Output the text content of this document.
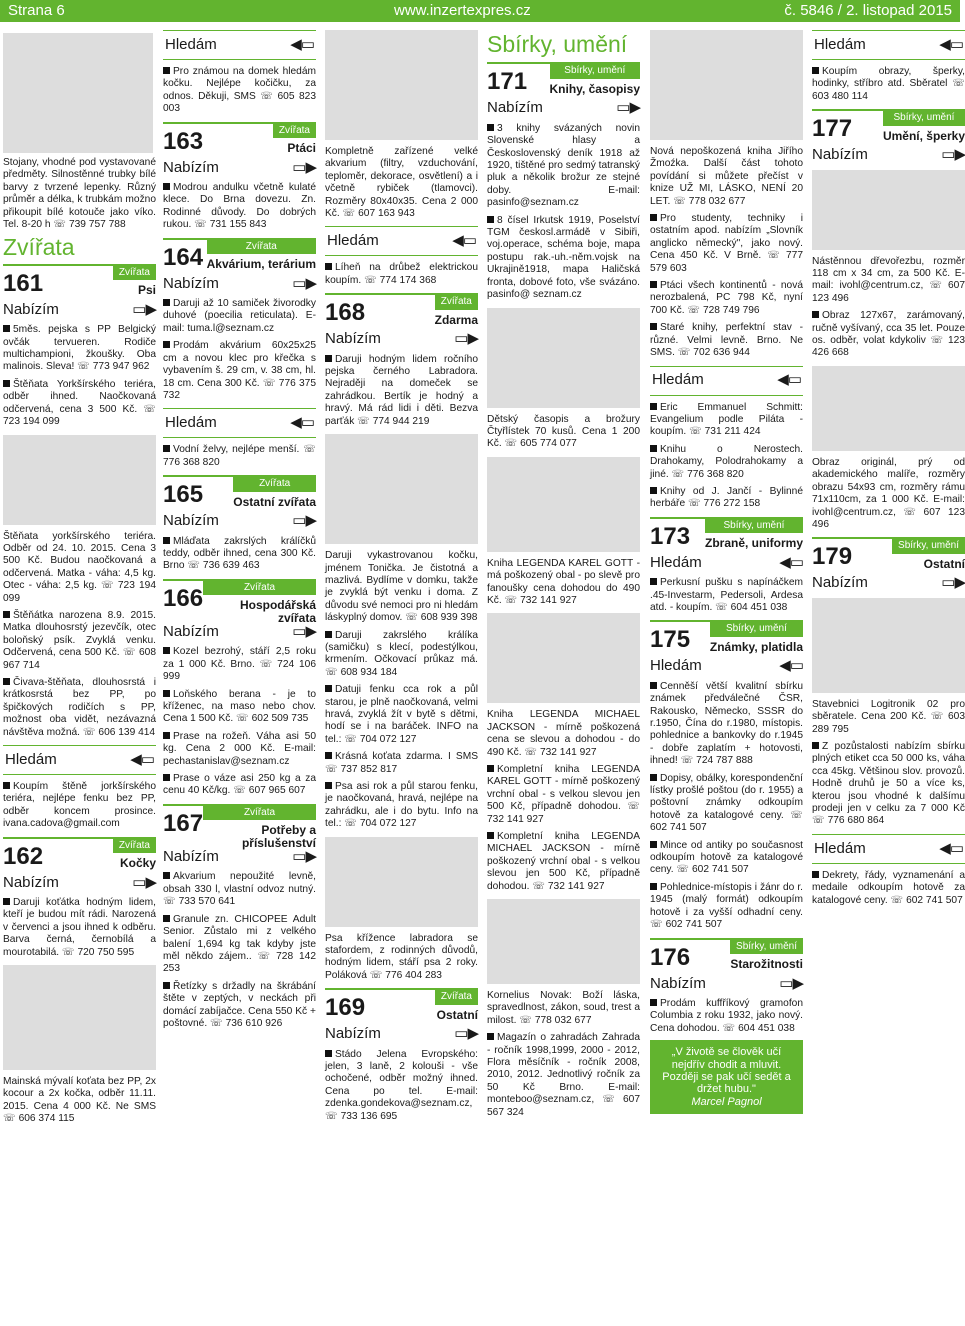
Strana 6	www.inzertexpres.cz	č. 5846 / 2. listopad 2015

Stojany, vhodné pod vystavované předměty. Silnostěnné trubky bílé barvy z tvrzené lepenky. Různý průměr a délka, k trubkám možno přikoupit bílé kotouče jako víko. Tel. 8-20 h ☏ 739 757 788

Zvířata
161	Zvířata
Psi
Nabízím	▭▶

5měs. pejska s PP Belgický ovčák tervueren. Rodiče multichampioni, žkoušky. Oba malinois. Sleva! ☏ 773 947 962

Štěňata Yorkšírského teriéra, odběr ihned. Naočkovaná odčervená, cena 3 500 Kč. ☏ 723 194 099

Štěňata yorkšírského teriéra. Odběr od 24. 10. 2015. Cena 3 500 Kč. Budou naočkovaná a odčervená. Matka - váha: 4,5 kg. Otec - váha: 2,5 kg. ☏ 723 194 099

Štěňátka narozena 8.9. 2015. Matka dlouhosrstý jezevčík, otec boloňský psík. Zvyklá venku. Odčervená, cena 500 Kč. ☏ 608 967 714

Čivava-štěňata, dlouhosrstá i krátkosrstá bez PP, po špičkových rodičích s PP, možnost oba vidět, nezávazná návštěva možná. ☏ 606 139 414

Hledám	◀▭

Koupím štěně jorkšírského teriéra, nejlépe fenku bez PP, odběr koncem prosince. ivana.cadova@gmail.com

162	Zvířata
Kočky
Nabízím	▭▶

Daruji koťátka hodným lidem, kteří je budou mít rádi. Narozená v červenci a jsou ihned k odběru. Barva černá, černobílá a mourotabilá. ☏ 720 750 595

Mainská mývalí koťata bez PP, 2x kocour a 2x kočka, odběr 11.11. 2015. Cena 4 000 Kč. Ne SMS ☏ 606 374 115

Hledám	◀▭

Pro známou na domek hledám kočku. Nejlépe kočičku, za odnos. Děkuji, SMS ☏ 605 823 003

163	Zvířata
Ptáci
Nabízím	▭▶

Modrou andulku včetně kulaté klece. Do Brna dovezu. Zn. Rodinné důvody. Do dobrých rukou. ☏ 731 155 843

164	Zvířata
Akvárium, terárium
Nabízím	▭▶

Daruji až 10 samiček živorodky duhové (poecilia reticulata). E-mail: tuma.l@seznam.cz

Prodám akvárium 60x25x25 cm a novou klec pro křečka s vybavením š. 29 cm, v. 38 cm, hl. 18 cm. Cena 300 Kč. ☏ 776 375 732

Hledám	◀▭

Vodní želvy, nejlépe menší. ☏ 776 368 820

165	Zvířata
Ostatní zvířata
Nabízím	▭▶

Mláďata zakrslých králíčků teddy, odběr ihned, cena 300 Kč. Brno ☏ 736 639 463

166	Zvířata
Hospodářská zvířata
Nabízím	▭▶

Kozel bezrohý, stáří 2,5 roku za 1 000 Kč. Brno. ☏ 724 106 999

Loňského berana - je to kříženec, na maso nebo chov. Cena 1 500 Kč. ☏ 602 509 735

Prase na rožeň. Váha asi 50 kg. Cena 2 000 Kč. E-mail: pechastanislav@seznam.cz

Prase o váze asi 250 kg a za cenu 40 Kč/kg. ☏ 607 965 607

167	Zvířata
Potřeby a příslušenství
Nabízím	▭▶

Akvarium nepoužité levně, obsah 330 l, vlastní odvoz nutný. ☏ 733 570 641

Granule zn. CHICOPEE Adult Senior. Zůstalo mi z velkého balení 1,694 kg tak kdyby jste měl někdo zájem.. ☏ 728 142 253

Řetízky s držadly na škrábání štěte v zeptých, v neckách při domácí zabíjačce. Cena 550 Kč + poštovné. ☏ 736 610 926

Kompletně zařízené velké akvarium (filtry, vzduchování, teploměr, dekorace, osvětlení) a i včetně rybiček (tlamovci). Rozměry 80x40x35. Cena 2 000 Kč. ☏ 607 163 943

Hledám	◀▭

Líheň na drůbež elektrickou koupím. ☏ 774 174 368

168	Zvířata
Zdarma
Nabízím	▭▶

Daruji hodným lidem ročního pejska černého Labradora. Nejraději na domeček se zahrádkou. Bertík je hodný a hravý. Má rád lidi i děti. Bezva parťák ☏ 774 944 219

Daruji vykastrovanou kočku, jménem Tonička. Je čistotná a mazlivá. Bydlíme v domku, takže je zvyklá být venku i doma. Z důvodu své nemoci pro ni hledám láskyplný domov. ☏ 608 939 398

Daruji zakrslého králíka (samičku) s klecí, podestýlkou, krmením. Očkovací průkaz má. ☏ 608 934 184

Datuji fenku cca rok a půl starou, je plně naočkovaná, velmi hravá, zvyklá žít v bytě s dětmi, hodí se i na baráček. INFO na tel.: ☏ 704 072 127

Krásná koťata zdarma. I SMS ☏ 737 852 817

Psa asi rok a půl starou fenku, je naočkovaná, hravá, nejlépe na zahrádku, ale i do bytu. Info na tel.: ☏ 704 072 127

Psa křížence labradora se stafordem, z rodinných důvodů, hodným lidem, stáří psa 2 roky. Poláková ☏ 776 404 283

169	Zvířata
Ostatní
Nabízím	▭▶

Stádo Jelena Evropského: jelen, 3 laně, 2 kolouši - vše ochočené, odběr možný ihned. Cena po tel. E-mail: zdenka.gondekova@seznam.cz, ☏ 733 136 695

Sbírky, umění
171	Sbírky, umění
Knihy, časopisy
Nabízím	▭▶

3 knihy svázaných novin Slovenské hlasy a Československý deník 1918 až 1920, tištěné pro sedmý tatranský pluk a několik brožur ze stejné doby. E-mail: pasinfo@seznam.cz

8 čísel Irkutsk 1919, Poselství TGM českosl.armádě v Sibiři, voj.operace, schéma boje, mapa postupu rak.-uh.-něm.vojsk na Ukrajině1918, mapa Haličská fronta, dobové foto, vše svázáno. pasinfo@ seznam.cz

Dětský časopis a brožury Čtyřlístek 70 kusů. Cena 1 200 Kč. ☏ 605 774 077

Kniha LEGENDA KAREL GOTT - má poškozený obal - po slevě pro fanoušky cena dohodou do 490 Kč. ☏ 732 141 927

Kniha LEGENDA MICHAEL JACKSON - mírně poškozená cena se slevou a dohodou - do 490 Kč. ☏ 732 141 927

Kompletní kniha LEGENDA KAREL GOTT - mírně poškozený vrchní obal - s velkou slevou jen 500 Kč, případně dohodou. ☏ 732 141 927

Kompletní kniha LEGENDA MICHAEL JACKSON - mírně poškozený vrchní obal - s velkou slevou jen 500 Kč, případně dohodou. ☏ 732 141 927

Kornelius Novak: Boží láska, spravedlnost, zákon, soud, trest a milost. ☏ 778 032 677

Magazín o zahradách Zahrada - ročník 1998,1999, 2000 - 2012, Flora měsíčník - ročník 2008, 2010, 2012. Jednotlivý ročník za 50 Kč Brno. E-mail: monteboo@seznam.cz, ☏ 607 567 324

Nová nepoškozená kniha Jiřího Žmoźka. Další část tohoto povídání si můžete přečíst v knize UŽ MI, LÁSKO, NENÍ 20 LET. ☏ 778 032 677

Pro studenty, techniky i ostatním apod. nabízím „Slovník anglicko německý", jako nový. Cena 450 Kč. V Brně. ☏ 777 579 603

Ptáci všech kontinentů - nová nerozbalená, PC 798 Kč, nyní 700 Kč. ☏ 728 749 796

Staré knihy, perfektní stav - různé. Velmi levně. Brno. Ne SMS. ☏ 702 636 944

Hledám	◀▭

Eric Emmanuel Schmitt: Evangelium podle Piláta - koupím. ☏ 731 211 424

Knihu o Nerostech. Drahokamy, Polodrahokamy a jiné. ☏ 776 368 820

Knihy od J. Jančí - Bylinné herbáře ☏ 776 272 158

173	Sbírky, umění
Zbraně, uniformy
Hledám	◀▭

Perkusní pušku s napínáčkem .45-Investarm, Pedersoli, Ardesa atd. - koupím. ☏ 604 451 038

175	Sbírky, umění
Známky, platidla
Hledám	◀▭

Cenněší větší kvalitní sbírku známek předválečné ČSR, Rakousko, Německo, SSSR do r.1950, Čína do r.1980, místopis. pohlednice a bankovky do r.1945 - dobře zaplatím + hotovosti, ihned! ☏ 724 787 888

Dopisy, obálky, korespondenční lístky prošlé poštou (do r. 1955) a poštovní známky odkoupím hotově za katalogové ceny. ☏ 602 741 507

Mince od antiky po současnost odkoupím hotově za katalogové ceny. ☏ 602 741 507

Pohlednice-místopis i žánr do r. 1945 (malý formát) odkoupím hotově i za vyšší odhadní ceny. ☏ 602 741 507

176	Sbírky, umění
Starožitnosti
Nabízím	▭▶

Prodám kuffříkový gramofon Columbia z roku 1932, jako nový. Cena dohodou. ☏ 604 451 038

„V životě se člověk učí nejdřív chodit a mluvit. Později se pak učí sedět a držet hubu."
Marcel Pagnol
Hledám	◀▭

Koupím obrazy, šperky, hodinky, stříbro atd. Sběratel ☏ 603 480 114

177	Sbírky, umění
Umění, šperky
Nabízím	▭▶

Nástěnnou dřevořezbu, rozměr 118 cm x 34 cm, za 500 Kč. E-mail: ivohl@centrum.cz, ☏ 607 123 496

Obraz 127x67, zarámovaný, ručně vyšívaný, cca 35 let. Pouze os. odběr, volat kdykoliv ☏ 123 426 668

Obraz originál, prý od akademického malíře, rozměry obrazu 54x93 cm, rozměry rámu 71x110cm, za 1 000 Kč. E-mail: ivohl@centrum.cz, ☏ 607 123 496

179	Sbírky, umění
Ostatní
Nabízím	▭▶

Stavebnici Logitronik 02 pro sběratele. Cena 200 Kč. ☏ 603 289 795

Z pozůstalosti nabízím sbírku plných etiket cca 50 000 ks, váha cca 45kg. Většinou slov. provozů. Hodně druhů je 50 a více ks, kterou jsou vhodné k dalšímu prodeji jen v celku za 7 000 Kč ☏ 776 680 864

Hledám	◀▭

Dekrety, řády, vyznamenání a medaile odkoupím hotově za katalogové ceny. ☏ 602 741 507
